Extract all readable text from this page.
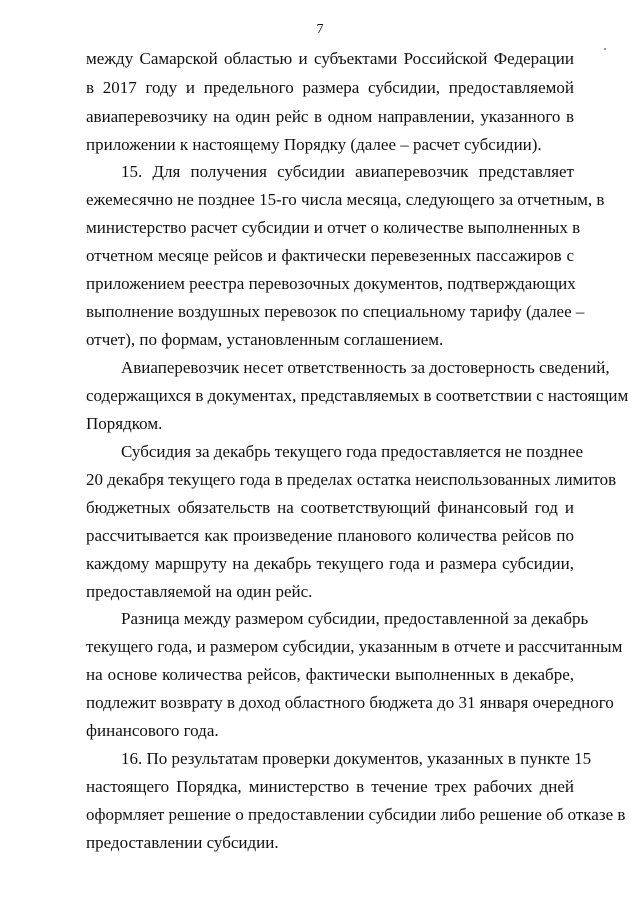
7
между Самарской областью и субъектами Российской Федерации
в 2017 году и предельного размера субсидии, предоставляемой
авиаперевозчику на один рейс в одном направлении, указанного в
приложении к настоящему Порядку (далее – расчет субсидии).
15. Для получения субсидии авиаперевозчик представляет
ежемесячно не позднее 15-го числа месяца, следующего за отчетным, в
министерство расчет субсидии и отчет о количестве выполненных в
отчетном месяце рейсов и фактически перевезенных пассажиров с
приложением реестра перевозочных документов, подтверждающих
выполнение воздушных перевозок по специальному тарифу (далее –
отчет), по формам, установленным соглашением.
Авиаперевозчик несет ответственность за достоверность сведений,
содержащихся в документах, представляемых в соответствии с настоящим
Порядком.
Субсидия за декабрь текущего года предоставляется не позднее
20 декабря текущего года в пределах остатка неиспользованных лимитов
бюджетных обязательств на соответствующий финансовый год и
рассчитывается как произведение планового количества рейсов по
каждому маршруту на декабрь текущего года и размера субсидии,
предоставляемой на один рейс.
Разница между размером субсидии, предоставленной за декабрь
текущего года, и размером субсидии, указанным в отчете и рассчитанным
на основе количества рейсов, фактически выполненных в декабре,
подлежит возврату в доход областного бюджета до 31 января очередного
финансового года.
16. По результатам проверки документов, указанных в пункте 15
настоящего Порядка, министерство в течение трех рабочих дней
оформляет решение о предоставлении субсидии либо решение об отказе в
предоставлении субсидии.
